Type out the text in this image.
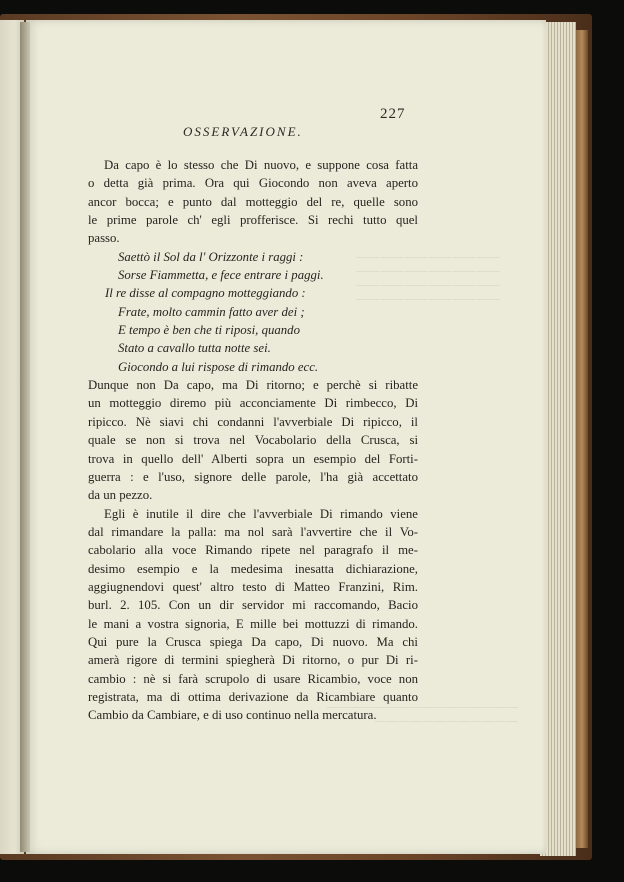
————————————
————————————
————————————
————————————
————————————————
————————————
227
OSSERVAZIONE.
Da capo è lo stesso che Di nuovo, e suppone cosa fatta
o detta già prima. Ora qui Giocondo non aveva aperto
ancor bocca; e punto dal motteggio del re, quelle sono
le prime parole ch' egli profferisce. Si rechi tutto quel
passo.
Saettò il Sol da l' Orizzonte i raggi :
Sorse Fiammetta, e fece entrare i paggi.
Il re disse al compagno motteggiando :
Frate, molto cammin fatto aver dei ;
E tempo è ben che ti riposi, quando
Stato a cavallo tutta notte sei.
Giocondo a lui rispose di rimando ecc.
Dunque non Da capo, ma Di ritorno; e perchè si ribatte
un motteggio diremo più acconciamente Di rimbecco, Di
ripicco. Nè siavi chi condanni l'avverbiale Di ripicco, il
quale se non si trova nel Vocabolario della Crusca, si
trova in quello dell' Alberti sopra un esempio del Forti-
guerra : e l'uso, signore delle parole, l'ha già accettato
da un pezzo.
Egli è inutile il dire che l'avverbiale Di rimando viene
dal rimandare la palla: ma nol sarà l'avvertire che il Vo-
cabolario alla voce Rimando ripete nel paragrafo il me-
desimo esempio e la medesima inesatta dichiarazione,
aggiugnendovi quest' altro testo di Matteo Franzini, Rim.
burl. 2. 105. Con un dir servidor mi raccomando, Bacio
le mani a vostra signoria, E mille bei mottuzzi di rimando.
Qui pure la Crusca spiega Da capo, Di nuovo. Ma chi
amerà rigore di termini spiegherà Di ritorno, o pur Di ri-
cambio : nè si farà scrupolo di usare Ricambio, voce non
registrata, ma di ottima derivazione da Ricambiare quanto
Cambio da Cambiare, e di uso continuo nella mercatura.
